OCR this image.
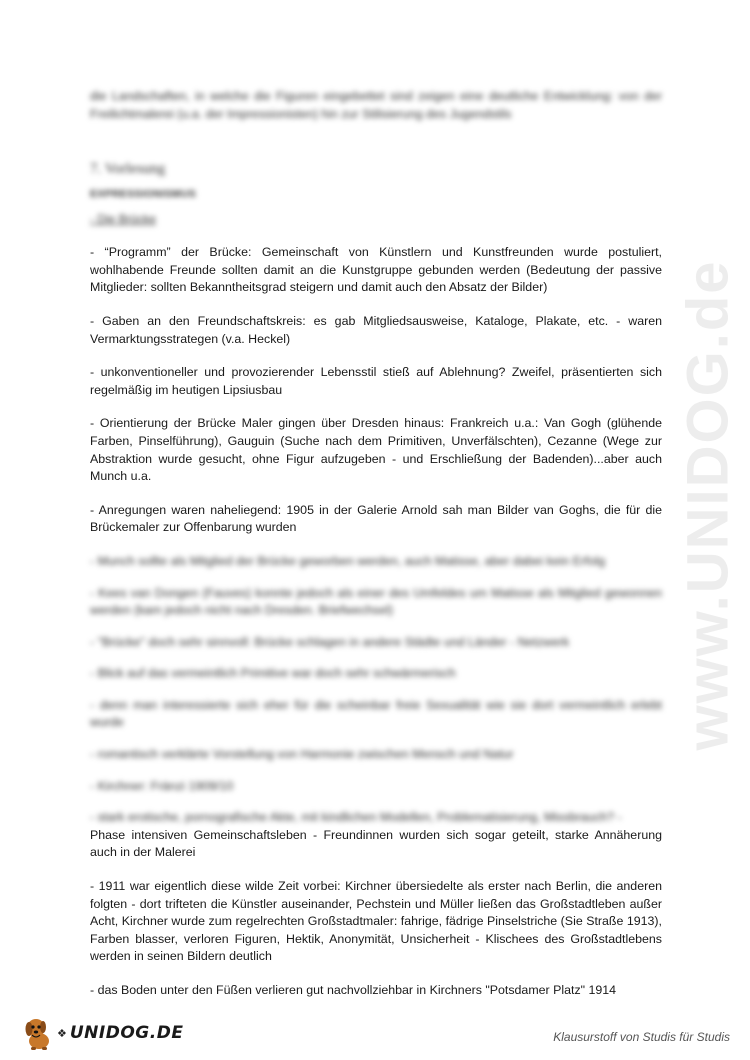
www.UNIDOG.de

die Landschaften, in welche die Figuren eingebettet sind zeigen eine deutliche Entwicklung: von der Freilichtmalerei (u.a. der Impressionisten) hin zur Stilisierung des Jugendstils

7. Vorlesung
EXPRESSIONISMUS
- Die Brücke

- “Programm” der Brücke: Gemeinschaft von Künstlern und Kunstfreunden wurde postuliert, wohlhabende Freunde sollten damit an die Kunstgruppe gebunden werden (Bedeutung der passive Mitglieder: sollten Bekanntheitsgrad steigern und damit auch den Absatz der Bilder)

- Gaben an den Freundschaftskreis: es gab Mitgliedsausweise, Kataloge, Plakate, etc. - waren Vermarktungsstrategen (v.a. Heckel)

- unkonventioneller und provozierender Lebensstil stieß auf Ablehnung? Zweifel, präsentierten sich regelmäßig im heutigen Lipsiusbau

- Orientierung der Brücke Maler gingen über Dresden hinaus: Frankreich u.a.: Van Gogh (glühende Farben, Pinselführung), Gauguin (Suche nach dem Primitiven, Unverfälschten), Cezanne (Wege zur Abstraktion wurde gesucht, ohne Figur aufzugeben - und Erschließung der Badenden)...aber auch Munch u.a.

- Anregungen waren naheliegend: 1905 in der Galerie Arnold sah man Bilder van Goghs, die für die Brückemaler zur Offenbarung wurden

- Munch sollte als Mitglied der Brücke geworben werden, auch Matisse, aber dabei kein Erfolg

- Kees van Dongen (Fauves) konnte jedoch als einer des Umfeldes um Matisse als Mitglied gewonnen werden (kam jedoch nicht nach Dresden. Briefwechsel)

- "Brücke" doch sehr sinnvoll: Brücke schlagen in andere Städte und Länder - Netzwerk

- Blick auf das vermeintlich Primitive war doch sehr schwärmerisch

- denn man interessierte sich eher für die scheinbar freie Sexualität wie sie dort vermeintlich erlebt wurde

- romantisch verklärte Vorstellung von Harmonie zwischen Mensch und Natur

- Kirchner: Fränzi 1909/10

- stark erotische, pornografische Akte, mit kindlichen Modellen, Problematisierung, Missbrauch? -

Phase intensiven Gemeinschaftsleben - Freundinnen wurden sich sogar geteilt, starke Annäherung auch in der Malerei

- 1911 war eigentlich diese wilde Zeit vorbei: Kirchner übersiedelte als erster nach Berlin, die anderen folgten - dort trifteten die Künstler auseinander, Pechstein und Müller ließen das Großstadtleben außer Acht, Kirchner wurde zum regelrechten Großstadtmaler: fahrige, fädrige Pinselstriche (Sie Straße 1913), Farben blasser, verloren Figuren, Hektik, Anonymität, Unsicherheit - Klischees des Großstadtlebens werden in seinen Bildern deutlich

- das Boden unter den Füßen verlieren gut nachvollziehbar in Kirchners "Potsdamer Platz" 1914

❖ UNIDOG.DE	Klausurstoff von Studis für Studis
